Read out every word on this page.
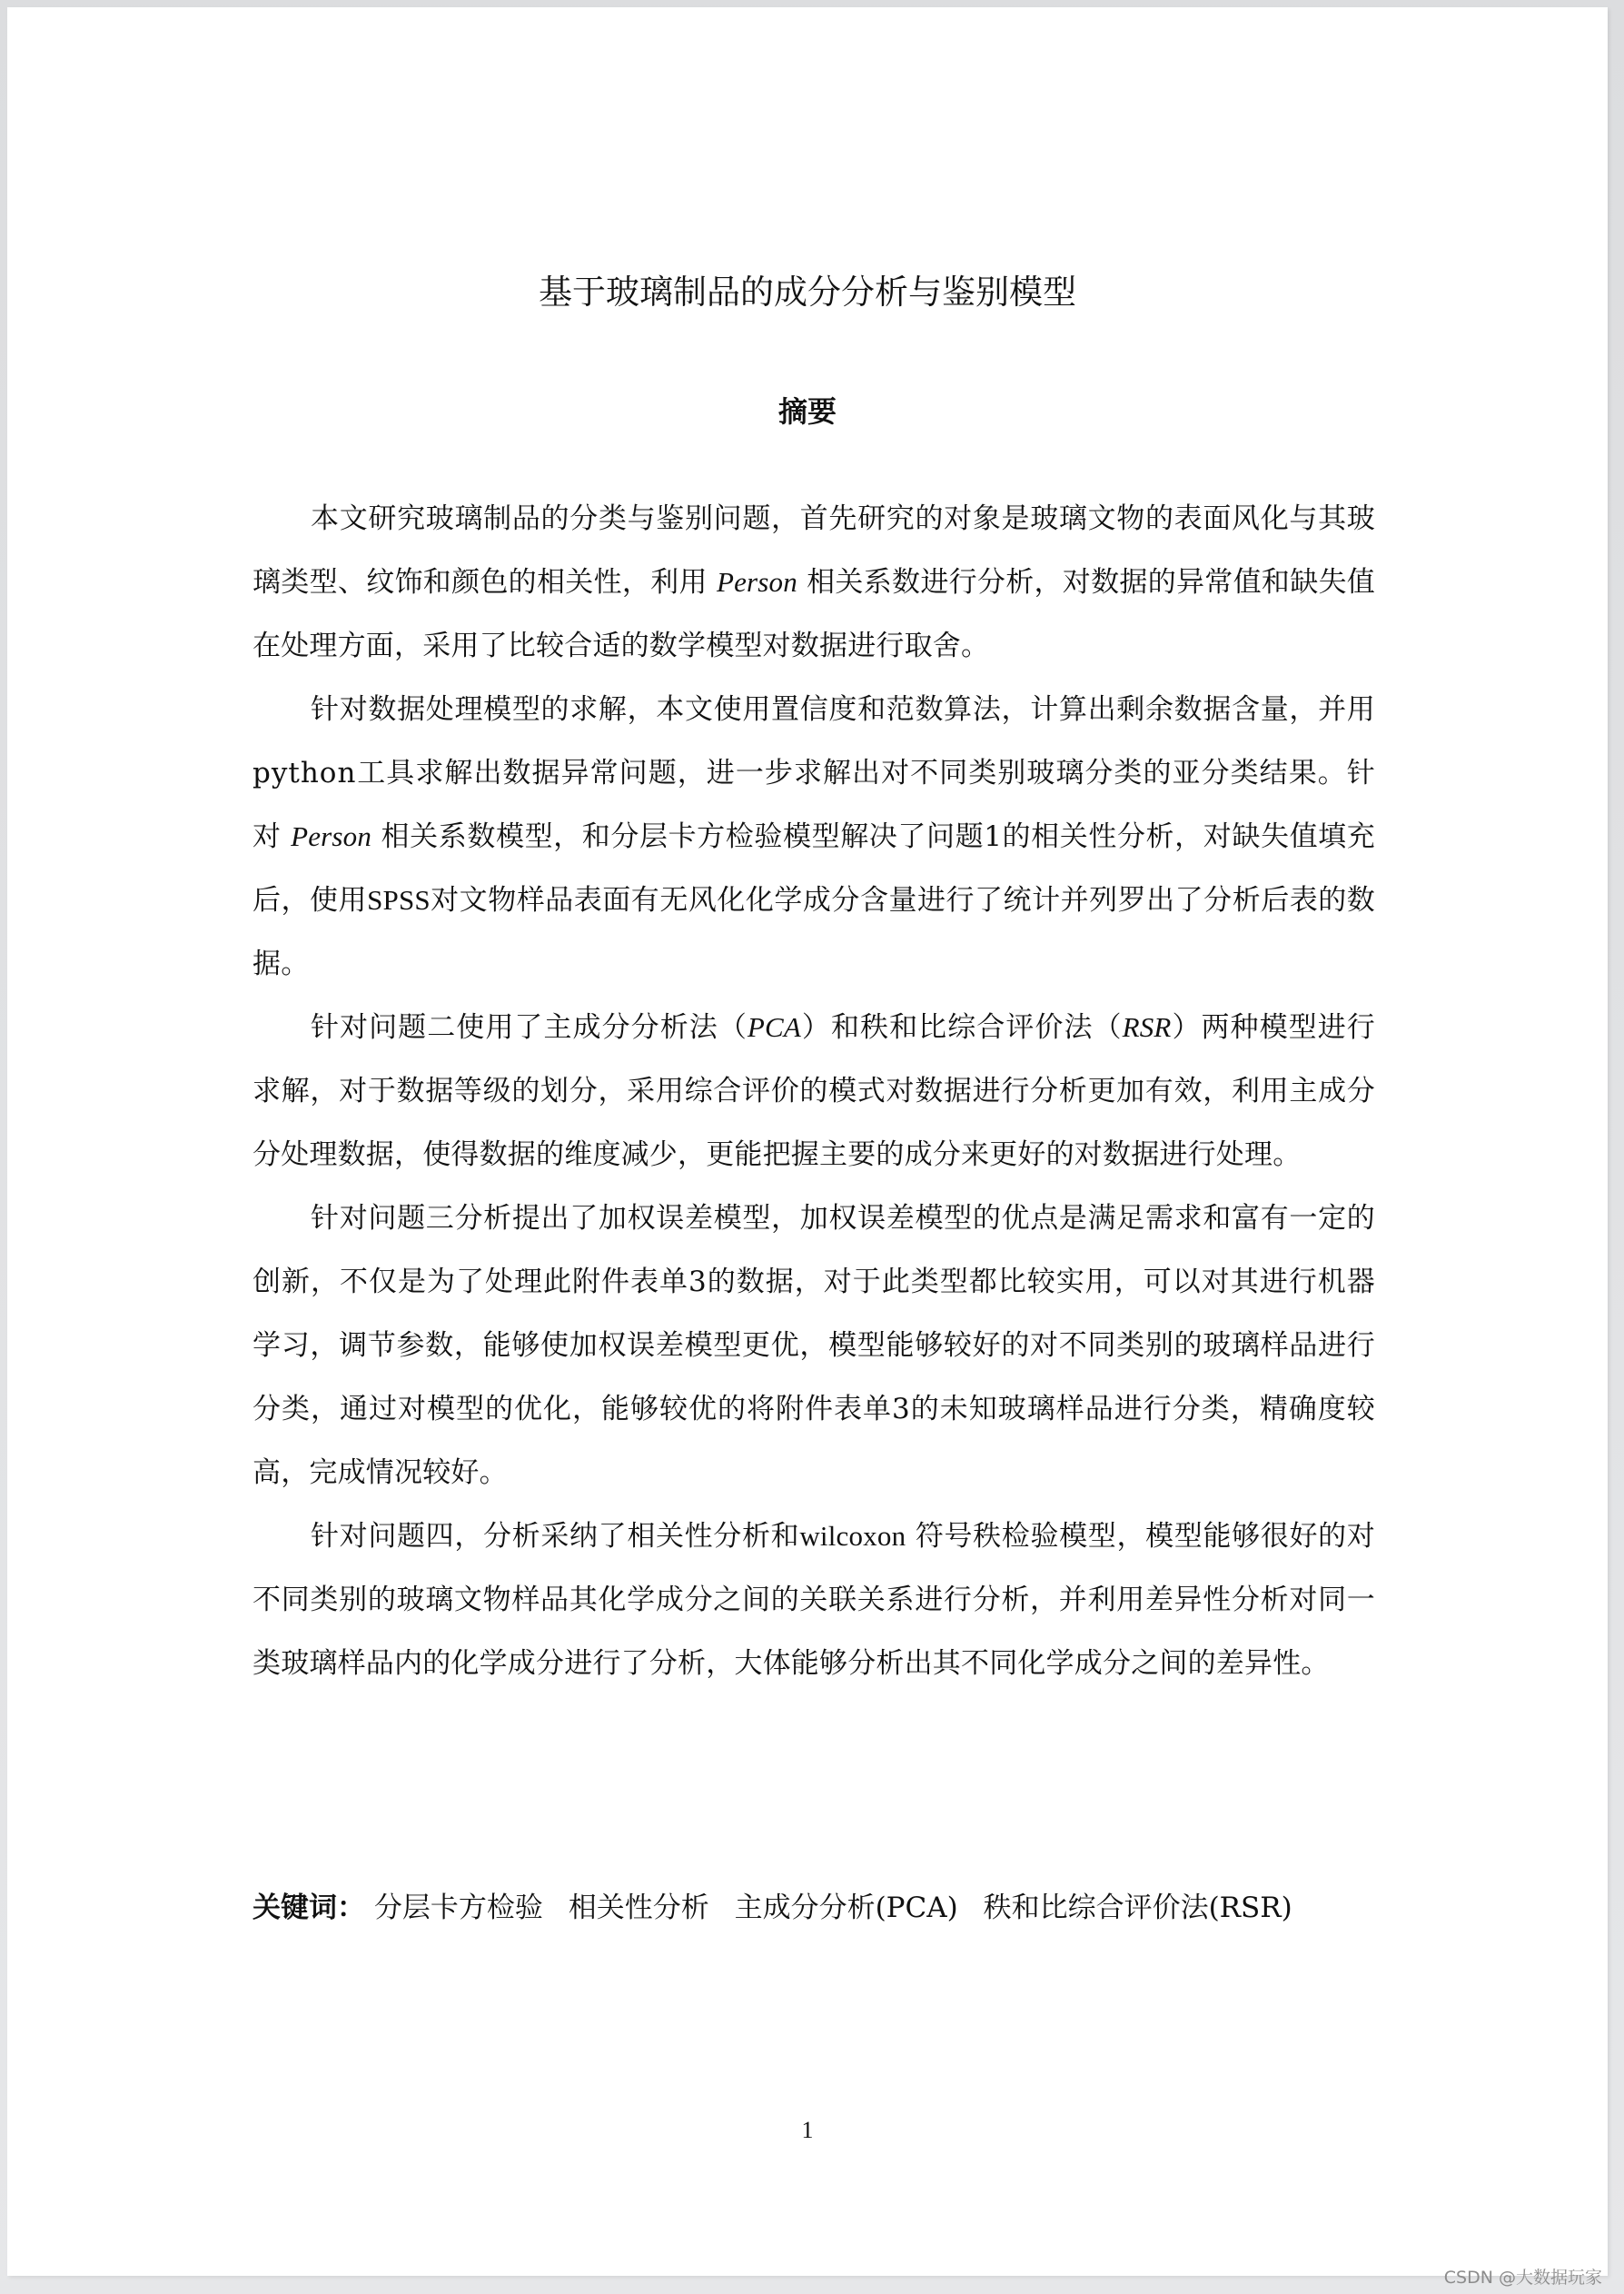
基于玻璃制品的成分分析与鉴别模型
摘要

本文研究玻璃制品的分类与鉴别问题，首先研究的对象是玻璃文物的表面风化与其玻璃类型、纹饰和颜色的相关性，利用 Person 相关系数进行分析，对数据的异常值和缺失值在处理方面，采用了比较合适的数学模型对数据进行取舍。

针对数据处理模型的求解，本文使用置信度和范数算法，计算出剩余数据含量，并用python工具求解出数据异常问题，进一步求解出对不同类别玻璃分类的亚分类结果。针对 Person 相关系数模型，和分层卡方检验模型解决了问题1的相关性分析，对缺失值填充后，使用SPSS对文物样品表面有无风化化学成分含量进行了统计并列罗出了分析后表的数据。

针对问题二使用了主成分分析法（PCA）和秩和比综合评价法（RSR）两种模型进行求解，对于数据等级的划分，采用综合评价的模式对数据进行分析更加有效，利用主成分分处理数据，使得数据的维度减少，更能把握主要的成分来更好的对数据进行处理。

针对问题三分析提出了加权误差模型，加权误差模型的优点是满足需求和富有一定的创新，不仅是为了处理此附件表单3的数据，对于此类型都比较实用，可以对其进行机器学习，调节参数，能够使加权误差模型更优，模型能够较好的对不同类别的玻璃样品进行分类，通过对模型的优化，能够较优的将附件表单3的未知玻璃样品进行分类，精确度较高，完成情况较好。

针对问题四，分析采纳了相关性分析和wilcoxon 符号秩检验模型，模型能够很好的对不同类别的玻璃文物样品其化学成分之间的关联关系进行分析，并利用差异性分析对同一类玻璃样品内的化学成分进行了分析，大体能够分析出其不同化学成分之间的差异性。

关键词： 分层卡方检验 相关性分析 主成分分析(PCA) 秩和比综合评价法(RSR)
1
CSDN @大数据玩家
